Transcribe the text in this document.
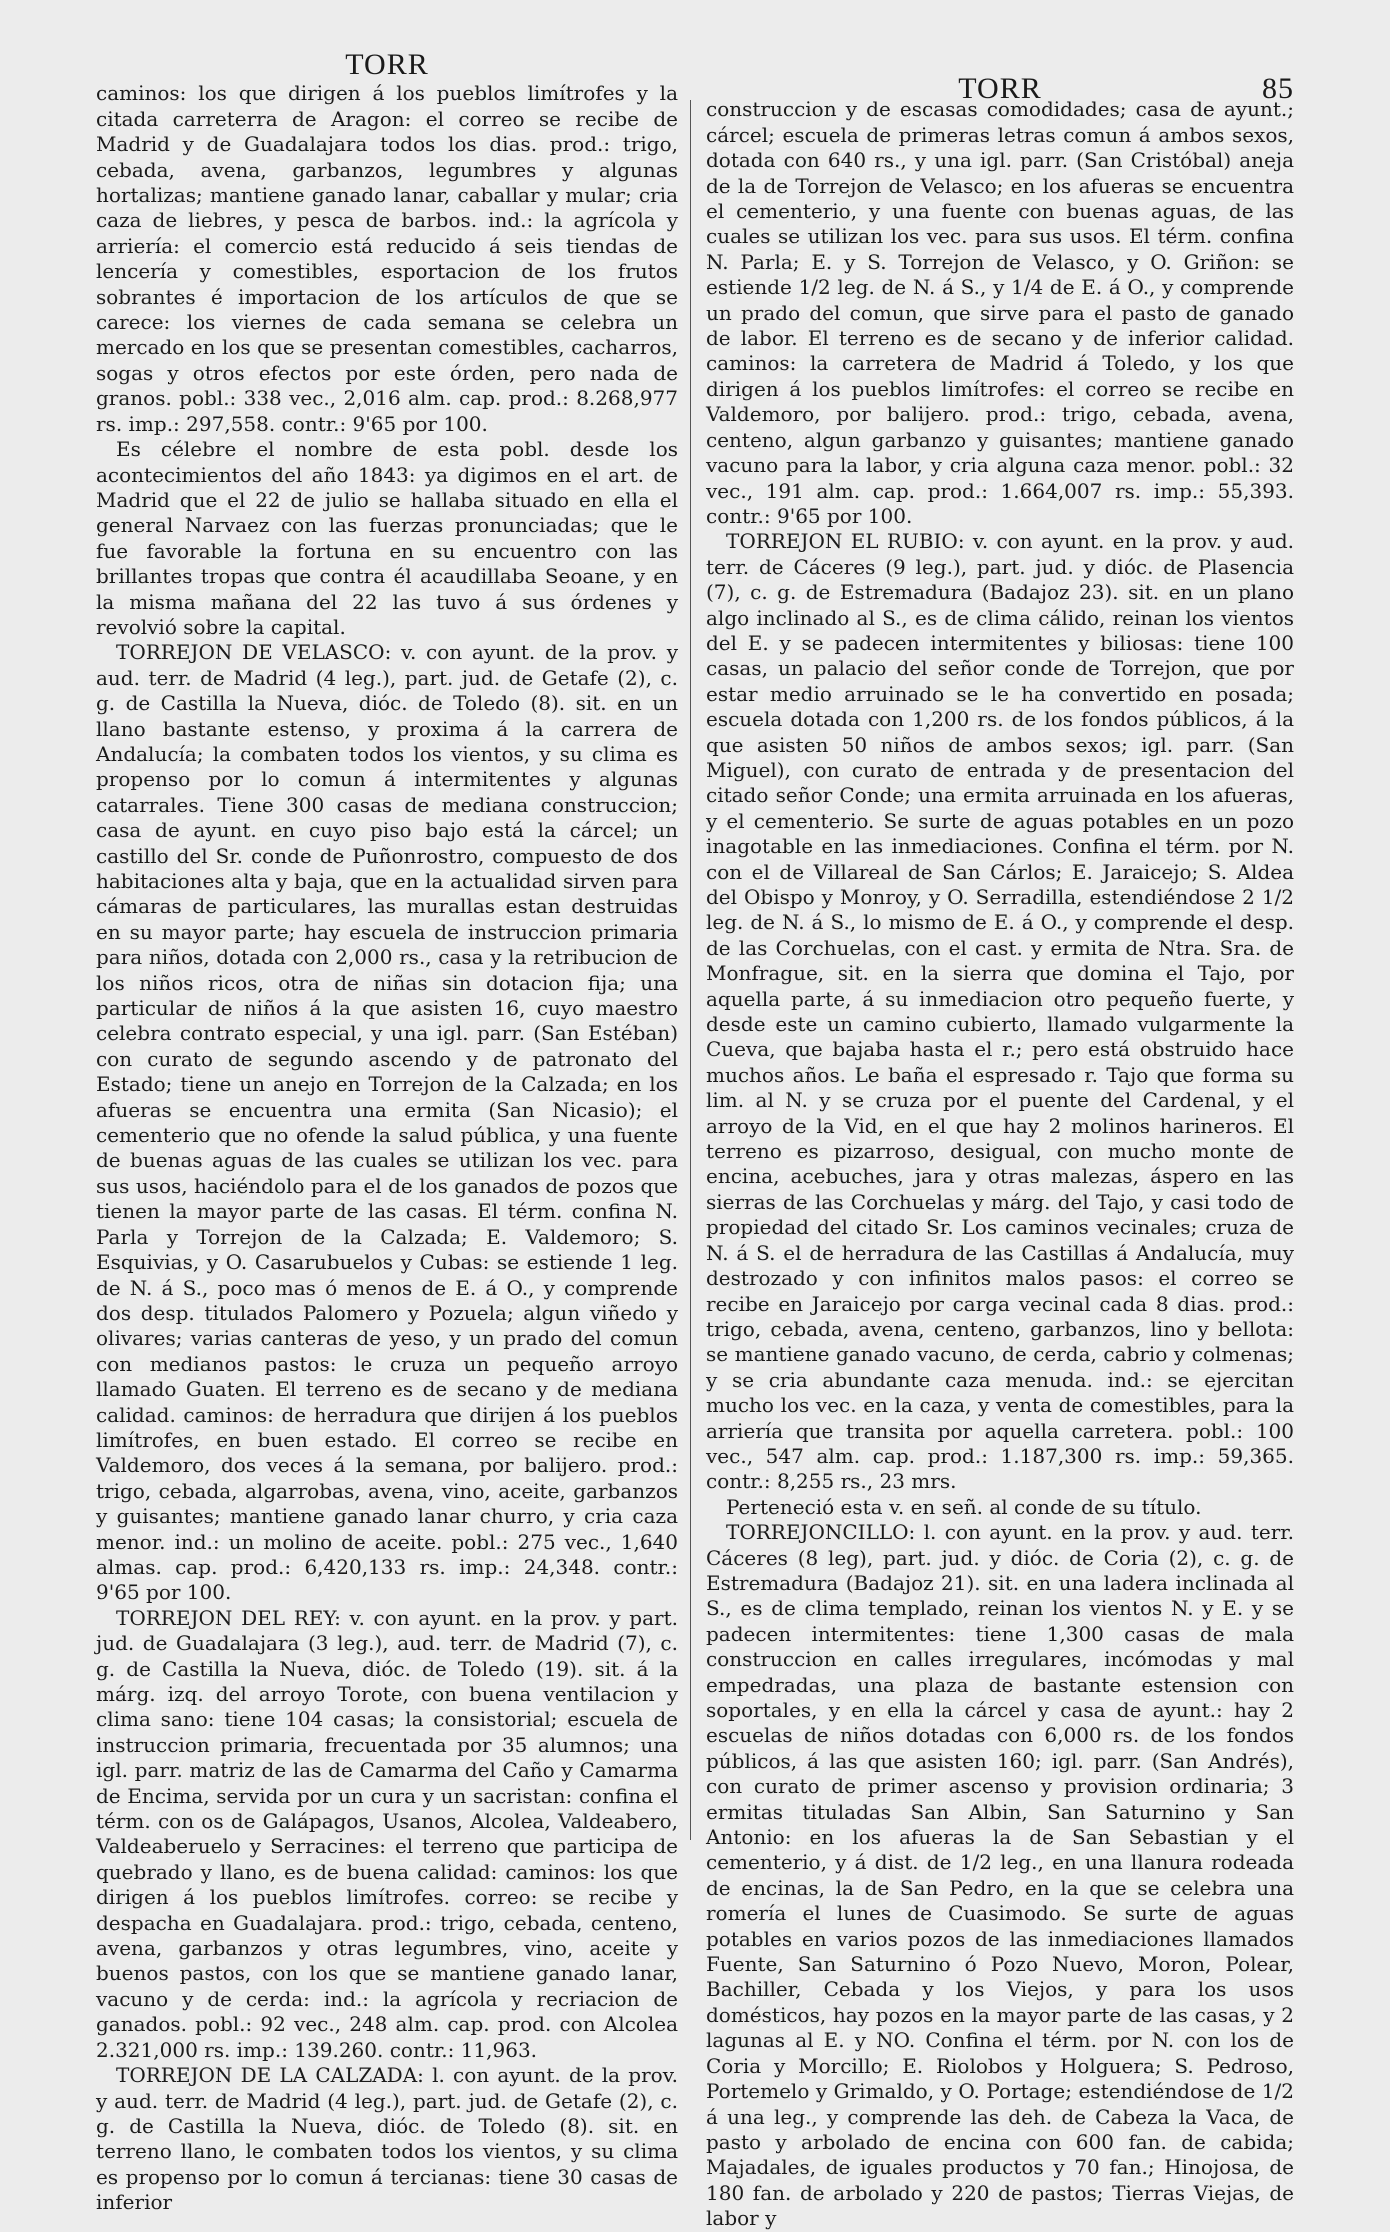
TORR

caminos: los que dirigen á los pueblos limítrofes y la citada carreterra de Aragon: el correo se recibe de Madrid y de Guadalajara todos los dias. prod.: trigo, cebada, avena, garbanzos, legumbres y algunas hortalizas; mantiene ganado lanar, caballar y mular; cria caza de liebres, y pesca de barbos. ind.: la agrícola y arriería: el comercio está reducido á seis tiendas de lencería y comestibles, esportacion de los frutos sobrantes é importacion de los artículos de que se carece: los viernes de cada semana se celebra un mercado en los que se presentan comestibles, cacharros, sogas y otros efectos por este órden, pero nada de granos. pobl.: 338 vec., 2,016 alm. cap. prod.: 8.268,977 rs. imp.: 297,558. contr.: 9'65 por 100.

Es célebre el nombre de esta pobl. desde los acontecimientos del año 1843: ya digimos en el art. de Madrid que el 22 de julio se hallaba situado en ella el general Narvaez con las fuerzas pronunciadas; que le fue favorable la fortuna en su encuentro con las brillantes tropas que contra él acaudillaba Seoane, y en la misma mañana del 22 las tuvo á sus órdenes y revolvió sobre la capital.

TORREJON DE VELASCO: v. con ayunt. de la prov. y aud. terr. de Madrid (4 leg.), part. jud. de Getafe (2), c. g. de Castilla la Nueva, dióc. de Toledo (8). sit. en un llano bastante estenso, y proxima á la carrera de Andalucía; la combaten todos los vientos, y su clima es propenso por lo comun á intermitentes y algunas catarrales. Tiene 300 casas de mediana construccion; casa de ayunt. en cuyo piso bajo está la cárcel; un castillo del Sr. conde de Puñonrostro, compuesto de dos habitaciones alta y baja, que en la actualidad sirven para cámaras de particulares, las murallas estan destruidas en su mayor parte; hay escuela de instruccion primaria para niños, dotada con 2,000 rs., casa y la retribucion de los niños ricos, otra de niñas sin dotacion fija; una particular de niños á la que asisten 16, cuyo maestro celebra contrato especial, y una igl. parr. (San Estéban) con curato de segundo ascendo y de patronato del Estado; tiene un anejo en Torrejon de la Calzada; en los afueras se encuentra una ermita (San Nicasio); el cementerio que no ofende la salud pública, y una fuente de buenas aguas de las cuales se utilizan los vec. para sus usos, haciéndolo para el de los ganados de pozos que tienen la mayor parte de las casas. El térm. confina N. Parla y Torrejon de la Calzada; E. Valdemoro; S. Esquivias, y O. Casarubuelos y Cubas: se estiende 1 leg. de N. á S., poco mas ó menos de E. á O., y comprende dos desp. titulados Palomero y Pozuela; algun viñedo y olivares; varias canteras de yeso, y un prado del comun con medianos pastos: le cruza un pequeño arroyo llamado Guaten. El terreno es de secano y de mediana calidad. caminos: de herradura que dirijen á los pueblos limítrofes, en buen estado. El correo se recibe en Valdemoro, dos veces á la semana, por balijero. prod.: trigo, cebada, algarrobas, avena, vino, aceite, garbanzos y guisantes; mantiene ganado lanar churro, y cria caza menor. ind.: un molino de aceite. pobl.: 275 vec., 1,640 almas. cap. prod.: 6,420,133 rs. imp.: 24,348. contr.: 9'65 por 100.

TORREJON DEL REY: v. con ayunt. en la prov. y part. jud. de Guadalajara (3 leg.), aud. terr. de Madrid (7), c. g. de Castilla la Nueva, dióc. de Toledo (19). sit. á la márg. izq. del arroyo Torote, con buena ventilacion y clima sano: tiene 104 casas; la consistorial; escuela de instruccion primaria, frecuentada por 35 alumnos; una igl. parr. matriz de las de Camarma del Caño y Camarma de Encima, servida por un cura y un sacristan: confina el térm. con os de Galápagos, Usanos, Alcolea, Valdeabero, Valdeaberuelo y Serracines: el terreno que participa de quebrado y llano, es de buena calidad: caminos: los que dirigen á los pueblos limítrofes. correo: se recibe y despacha en Guadalajara. prod.: trigo, cebada, centeno, avena, garbanzos y otras legumbres, vino, aceite y buenos pastos, con los que se mantiene ganado lanar, vacuno y de cerda: ind.: la agrícola y recriacion de ganados. pobl.: 92 vec., 248 alm. cap. prod. con Alcolea 2.321,000 rs. imp.: 139.260. contr.: 11,963.

TORREJON DE LA CALZADA: l. con ayunt. de la prov. y aud. terr. de Madrid (4 leg.), part. jud. de Getafe (2), c. g. de Castilla la Nueva, dióc. de Toledo (8). sit. en terreno llano, le combaten todos los vientos, y su clima es propenso por lo comun á tercianas: tiene 30 casas de inferior

TORR	85

construccion y de escasas comodidades; casa de ayunt.; cárcel; escuela de primeras letras comun á ambos sexos, dotada con 640 rs., y una igl. parr. (San Cristóbal) aneja de la de Torrejon de Velasco; en los afueras se encuentra el cementerio, y una fuente con buenas aguas, de las cuales se utilizan los vec. para sus usos. El térm. confina N. Parla; E. y S. Torrejon de Velasco, y O. Griñon: se estiende 1/2 leg. de N. á S., y 1/4 de E. á O., y comprende un prado del comun, que sirve para el pasto de ganado de labor. El terreno es de secano y de inferior calidad. caminos: la carretera de Madrid á Toledo, y los que dirigen á los pueblos limítrofes: el correo se recibe en Valdemoro, por balijero. prod.: trigo, cebada, avena, centeno, algun garbanzo y guisantes; mantiene ganado vacuno para la labor, y cria alguna caza menor. pobl.: 32 vec., 191 alm. cap. prod.: 1.664,007 rs. imp.: 55,393. contr.: 9'65 por 100.

TORREJON EL RUBIO: v. con ayunt. en la prov. y aud. terr. de Cáceres (9 leg.), part. jud. y dióc. de Plasencia (7), c. g. de Estremadura (Badajoz 23). sit. en un plano algo inclinado al S., es de clima cálido, reinan los vientos del E. y se padecen intermitentes y biliosas: tiene 100 casas, un palacio del señor conde de Torrejon, que por estar medio arruinado se le ha convertido en posada; escuela dotada con 1,200 rs. de los fondos públicos, á la que asisten 50 niños de ambos sexos; igl. parr. (San Miguel), con curato de entrada y de presentacion del citado señor Conde; una ermita arruinada en los afueras, y el cementerio. Se surte de aguas potables en un pozo inagotable en las inmediaciones. Confina el térm. por N. con el de Villareal de San Cárlos; E. Jaraicejo; S. Aldea del Obispo y Monroy, y O. Serradilla, estendiéndose 2 1/2 leg. de N. á S., lo mismo de E. á O., y comprende el desp. de las Corchuelas, con el cast. y ermita de Ntra. Sra. de Monfrague, sit. en la sierra que domina el Tajo, por aquella parte, á su inmediacion otro pequeño fuerte, y desde este un camino cubierto, llamado vulgarmente la Cueva, que bajaba hasta el r.; pero está obstruido hace muchos años. Le baña el espresado r. Tajo que forma su lim. al N. y se cruza por el puente del Cardenal, y el arroyo de la Vid, en el que hay 2 molinos harineros. El terreno es pizarroso, desigual, con mucho monte de encina, acebuches, jara y otras malezas, áspero en las sierras de las Corchuelas y márg. del Tajo, y casi todo de propiedad del citado Sr. Los caminos vecinales; cruza de N. á S. el de herradura de las Castillas á Andalucía, muy destrozado y con infinitos malos pasos: el correo se recibe en Jaraicejo por carga vecinal cada 8 dias. prod.: trigo, cebada, avena, centeno, garbanzos, lino y bellota: se mantiene ganado vacuno, de cerda, cabrio y colmenas; y se cria abundante caza menuda. ind.: se ejercitan mucho los vec. en la caza, y venta de comestibles, para la arriería que transita por aquella carretera. pobl.: 100 vec., 547 alm. cap. prod.: 1.187,300 rs. imp.: 59,365. contr.: 8,255 rs., 23 mrs.

Perteneció esta v. en señ. al conde de su título.

TORREJONCILLO: l. con ayunt. en la prov. y aud. terr. Cáceres (8 leg), part. jud. y dióc. de Coria (2), c. g. de Estremadura (Badajoz 21). sit. en una ladera inclinada al S., es de clima templado, reinan los vientos N. y E. y se padecen intermitentes: tiene 1,300 casas de mala construccion en calles irregulares, incómodas y mal empedradas, una plaza de bastante estension con soportales, y en ella la cárcel y casa de ayunt.: hay 2 escuelas de niños dotadas con 6,000 rs. de los fondos públicos, á las que asisten 160; igl. parr. (San Andrés), con curato de primer ascenso y provision ordinaria; 3 ermitas tituladas San Albin, San Saturnino y San Antonio: en los afueras la de San Sebastian y el cementerio, y á dist. de 1/2 leg., en una llanura rodeada de encinas, la de San Pedro, en la que se celebra una romería el lunes de Cuasimodo. Se surte de aguas potables en varios pozos de las inmediaciones llamados Fuente, San Saturnino ó Pozo Nuevo, Moron, Polear, Bachiller, Cebada y los Viejos, y para los usos domésticos, hay pozos en la mayor parte de las casas, y 2 lagunas al E. y NO. Confina el térm. por N. con los de Coria y Morcillo; E. Riolobos y Holguera; S. Pedroso, Portemelo y Grimaldo, y O. Portage; estendiéndose de 1/2 á una leg., y comprende las deh. de Cabeza la Vaca, de pasto y arbolado de encina con 600 fan. de cabida; Majadales, de iguales productos y 70 fan.; Hinojosa, de 180 fan. de arbolado y 220 de pastos; Tierras Viejas, de labor y
